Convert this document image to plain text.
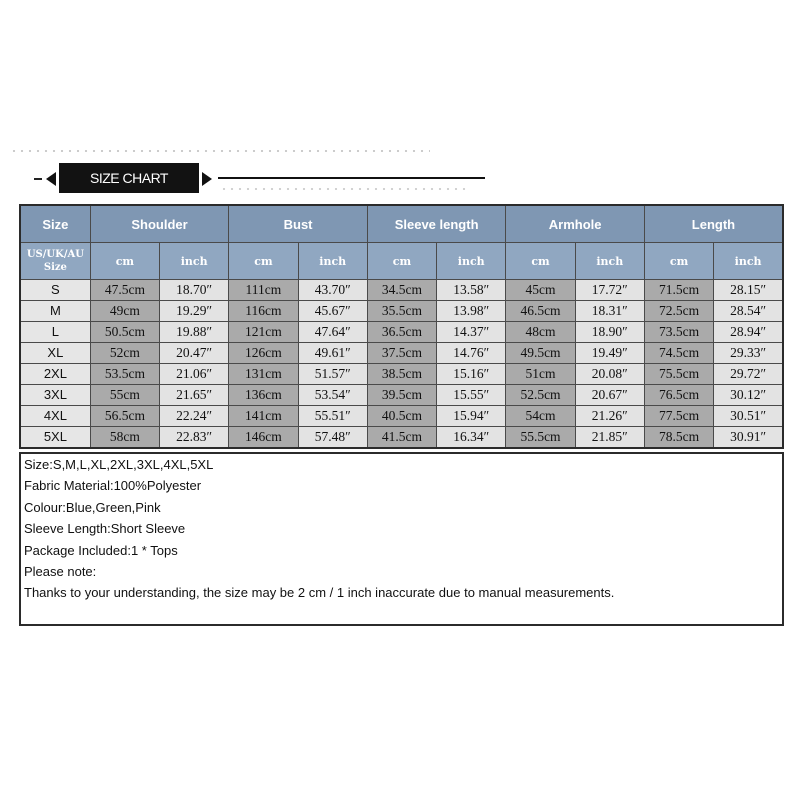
SIZE CHART
Size	Shoulder		Bust		Sleeve length		Armhole		Length	
US/UK/AU
Size	cm	inch	cm	inch	cm	inch	cm	inch	cm	inch
S	47.5cm	18.70″	111cm	43.70″	34.5cm	13.58″	45cm	17.72″	71.5cm	28.15″
M	49cm	19.29″	116cm	45.67″	35.5cm	13.98″	46.5cm	18.31″	72.5cm	28.54″
L	50.5cm	19.88″	121cm	47.64″	36.5cm	14.37″	48cm	18.90″	73.5cm	28.94″
XL	52cm	20.47″	126cm	49.61″	37.5cm	14.76″	49.5cm	19.49″	74.5cm	29.33″
2XL	53.5cm	21.06″	131cm	51.57″	38.5cm	15.16″	51cm	20.08″	75.5cm	29.72″
3XL	55cm	21.65″	136cm	53.54″	39.5cm	15.55″	52.5cm	20.67″	76.5cm	30.12″
4XL	56.5cm	22.24″	141cm	55.51″	40.5cm	15.94″	54cm	21.26″	77.5cm	30.51″
5XL	58cm	22.83″	146cm	57.48″	41.5cm	16.34″	55.5cm	21.85″	78.5cm	30.91″
Size:S,M,L,XL,2XL,3XL,4XL,5XL
Fabric Material:100%Polyester
Colour:Blue,Green,Pink
Sleeve Length:Short Sleeve
Package Included:1 * Tops
Please note:
Thanks to your understanding, the size may be 2 cm / 1 inch inaccurate due to manual measurements.
